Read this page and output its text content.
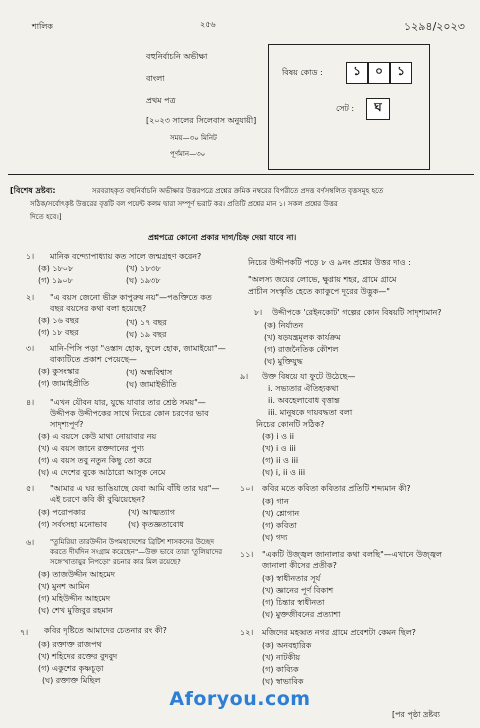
শালিক	২৫৬	১২৯৪/২০২৩
বহুনির্বাচনি অভীক্ষা
বাংলা
প্রথম পত্র
[২০২৩ সালের সিলেবাস অনুযায়ী]
সময়—৩০ মিনিট
পূর্ণমান—৩০
বিষয় কোড :	১	০	১
সেট :	ঘ
[বিশেষ দ্রষ্টব্য:	সরবরাহকৃত বহুনির্বাচনি অভীক্ষার উত্তরপত্রে প্রশ্নের ক্রমিক নম্বরের বিপরীতে প্রদত্ত বর্ণসম্বলিত বৃত্তসমূহ হতে
সঠিক/সর্বোৎকৃষ্ট উত্তরের বৃত্তটি বল পয়েন্ট কলম দ্বারা সম্পূর্ণ ভরাট কর। প্রতিটি প্রশ্নের মান ১। সকল প্রশ্নের উত্তর
দিতে হবে।]
প্রশ্নপত্রে কোনো প্রকার দাগ/চিহ্ন দেয়া যাবে না।
১। মানিক বন্দ্যোপাধ্যায় কত সালে জন্মগ্রহণ করেন?
(ক) ১৮০৮	(খ) ১৮৩৮
(গ) ১৯০৮	(ঘ) ১৯৩৮
২। "এ বয়স জেনো ভীরু কাপুরুষ নয়"—পঙক্তিতে কত
বছর বয়সের কথা বলা হয়েছে?
(ক) ১৬ বছর	(খ) ১৭ বছর
(গ) ১৮ বছর	(ঘ) ১৯ বছর
৩। মানি-পিসি পড়া "ওস্তাদ হোক, ফুলে হোক, জামাইয়ো"—
বাক্যটিতে প্রকাশ পেয়েছে—
(ক) কুসংস্কার	(খ) অন্ধবিশ্বাস
(গ) জামাইপ্রীতি	(ঘ) জামাইভীতি
৪। "এখন যৌবন যার, যুদ্ধে যাবার তার শ্রেষ্ঠ সময়"—
উদ্দীপক উদ্দীপকের সাথে নিচের কোন চরণের ভাব
সাদৃশ্যপূর্ণ?
(ক) এ বয়সে কেউ মাথা নোয়াবার নয়
(খ) এ বয়স জানে রক্তদানের পুণ্য
(গ) এ বয়স তবু নতুন কিছু তো করে
(ঘ) এ দেশের বুকে আঠারো আসুক নেমে
৫। "আমার এ ঘর ভাঙিয়াছে যেবা আমি বাঁধি তার ঘর"—
এই চরণে কবি কী বুঝিয়েছেন?
(ক) পরোপকার	(খ) আত্মত্যাগ
(গ) সর্বংসহা মনোভাব	(ঘ) কৃতজ্ঞতাবোধ
৬। "তুমিরিয়া তারউদ্দীন উপমহাদেশের ব্রিটিশ শাসকদের উচ্ছেদ
করতে দীর্ঘদিন সংগ্রাম করেছেন"—উক্ত ভাবে তারা 'তুলিয়াদের
সঙ্গে'খাতায়ুর নিপড়ো' রচনার কার মিল রয়েছে?
(ক) তাজউদ্দীন আহমেদ
(খ) মুনশ আমিন
(গ) মহিউদ্দীন আহমেদ
(ঘ) শেখ মুজিবুর রহমান
৭। কবির দৃষ্টিতে আমাদের চেতনার রং কী?
(ক) রক্তাক্ত রাজপথ
(খ) শহিদের রক্তের বুদবুদ
(গ) একুশের কৃষ্ণচূড়া
(ঘ) রক্তাক্ত মিছিল
নিচের উদ্দীপকটি পড়ে ৮ ও ৯নং প্রশ্নের উত্তর দাও :
"অলস্য জয়ের লোভে, ক্ষুণ্ণায় শহর, গ্রামে গ্রামে
প্রাচীন সংস্কৃতি হেতে ক্যাকুপে দূরের উদ্ভুক—"
৮। উদ্দীপকে 'রেইনকোট' গল্পের কোন বিষয়টি সাদৃশ্যমান?
(ক) নির্যাতন
(খ) ষড়যন্ত্রমূলক কার্যক্রম
(গ) রাজনৈতিক কৌশল
(ঘ) মুক্তিযুদ্ধ
৯। উক্ত বিষয়ে যা ফুটে উঠেছে—
i. সভ্যতার ঐতিহ্যকথা
ii. অবহেলাবোধ বৃত্তান্ত
iii. মানুষকে দায়বদ্ধতা বলা
নিচের কোনটি সঠিক?
(ক) i ও ii
(খ) i ও iii
(গ) ii ও iii
(ঘ) i, ii ও iii
১০। কবির মতে কবিতা কবিতার প্রতিটি শব্দ্যমান কী?
(ক) গান
(খ) শ্লোগান
(গ) কবিতা
(ঘ) গদ্য
১১। "একটি উজ্জ্বল জানালার কথা বলছি"—এখানে উজ্জ্বল
জানালা কীসের প্রতীক?
(ক) স্বাধীনতার সূর্য
(খ) জ্ঞানের পূর্ণ বিকাশ
(গ) চিন্তার স্বাধীনতা
(ঘ) মুক্তজীবনের প্রত্যাশা
১২। মজিদের মহব্বত নগর গ্রামে প্রবেশটা কেমন ছিল?
(ক) অনবহারিক
(খ) নাটকীয়
(গ) কাব্যিক
(ঘ) স্বাভাবিক
[পর পৃষ্ঠা দ্রষ্টব্য
Aforyou.com
